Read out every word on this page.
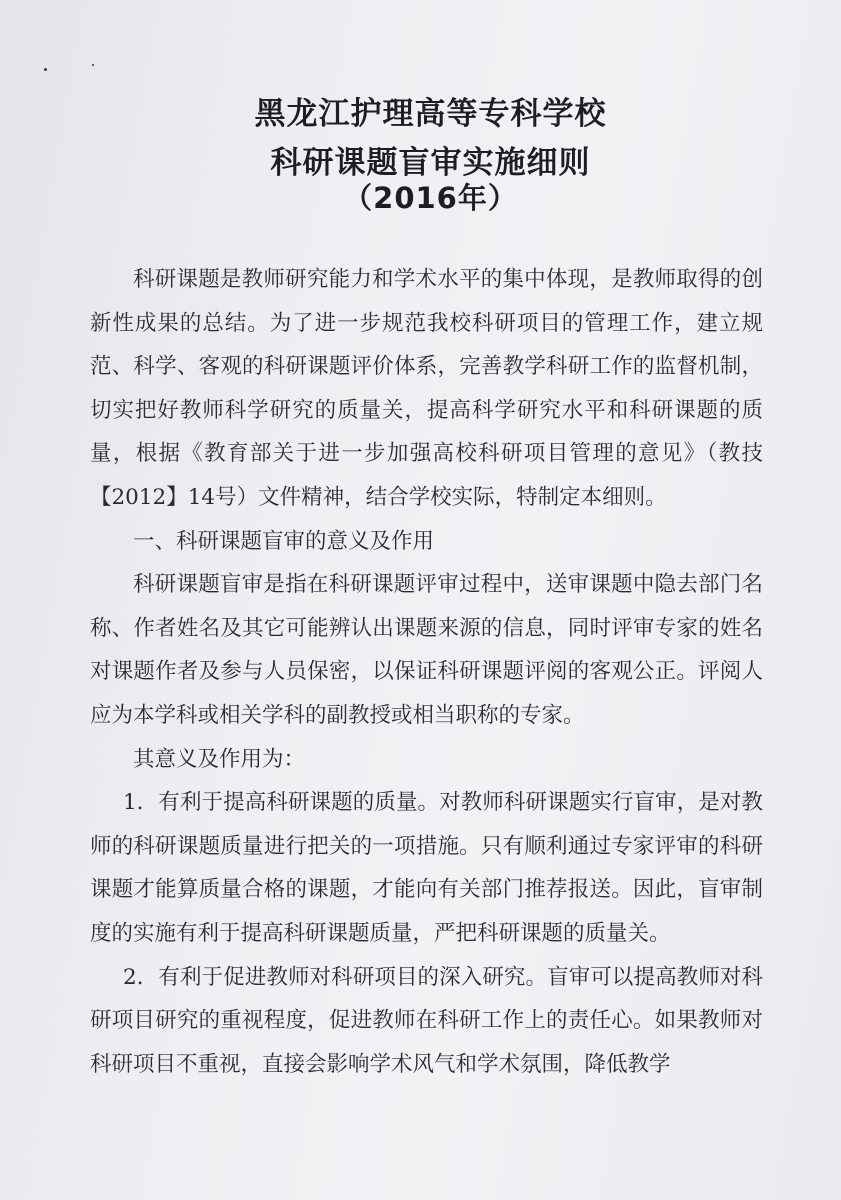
黑龙江护理高等专科学校
科研课题盲审实施细则
（2016年）

科研课题是教师研究能力和学术水平的集中体现，是教师取得的创新性成果的总结。为了进一步规范我校科研项目的管理工作，建立规范、科学、客观的科研课题评价体系，完善教学科研工作的监督机制，切实把好教师科学研究的质量关，提高科学研究水平和科研课题的质量，根据《教育部关于进一步加强高校科研项目管理的意见》（教技【2012】14号）文件精神，结合学校实际，特制定本细则。

一、科研课题盲审的意义及作用

科研课题盲审是指在科研课题评审过程中，送审课题中隐去部门名称、作者姓名及其它可能辨认出课题来源的信息，同时评审专家的姓名对课题作者及参与人员保密，以保证科研课题评阅的客观公正。评阅人应为本学科或相关学科的副教授或相当职称的专家。

其意义及作用为：

1．有利于提高科研课题的质量。对教师科研课题实行盲审，是对教师的科研课题质量进行把关的一项措施。只有顺利通过专家评审的科研课题才能算质量合格的课题，才能向有关部门推荐报送。因此，盲审制度的实施有利于提高科研课题质量，严把科研课题的质量关。

2．有利于促进教师对科研项目的深入研究。盲审可以提高教师对科研项目研究的重视程度，促进教师在科研工作上的责任心。如果教师对科研项目不重视，直接会影响学术风气和学术氛围，降低教学
